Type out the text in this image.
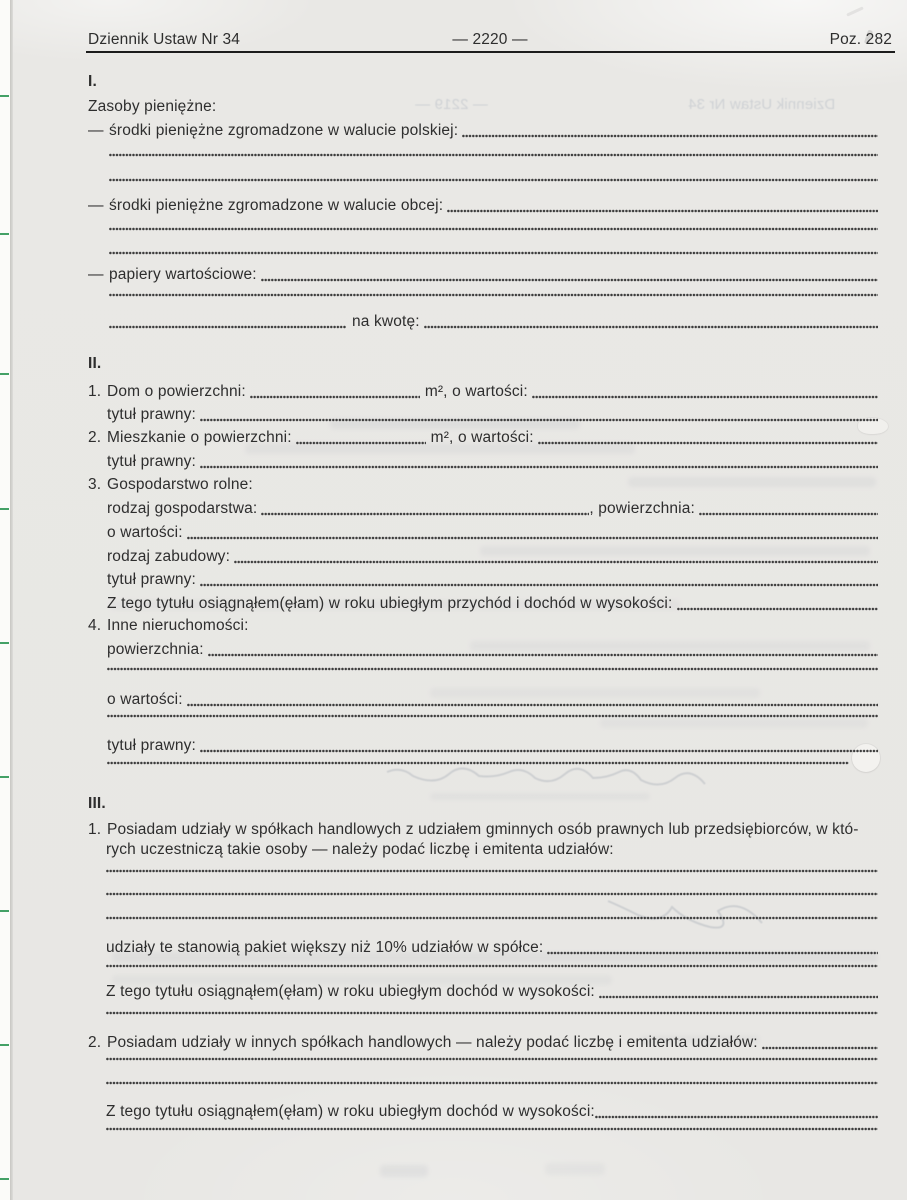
Dziennik Ustaw Nr 34
— 2219 —
Dziennik Ustaw Nr 34	— 2220 —	Poz. 282
I.
Zasoby pieniężne:
— środki pieniężne zgromadzone w walucie polskiej:
— środki pieniężne zgromadzone w walucie obcej:
— papiery wartościowe:
na kwotę:
II.
1. Dom o powierzchni:	m², o wartości:
tytuł prawny:
2. Mieszkanie o powierzchni:	m², o wartości:
tytuł prawny:
3. Gospodarstwo rolne:
rodzaj gospodarstwa:	, powierzchnia:
o wartości:
rodzaj zabudowy:
tytuł prawny:
Z tego tytułu osiągnąłem(ęłam) w roku ubiegłym przychód i dochód w wysokości:
4. Inne nieruchomości:
powierzchnia:
o wartości:
tytuł prawny:
III.
1. Posiadam udziały w spółkach handlowych z udziałem gminnych osób prawnych lub przedsiębiorców, w któ-
rych uczestniczą takie osoby — należy podać liczbę i emitenta udziałów:
udziały te stanowią pakiet większy niż 10% udziałów w spółce:
Z tego tytułu osiągnąłem(ęłam) w roku ubiegłym dochód w wysokości:
2. Posiadam udziały w innych spółkach handlowych — należy podać liczbę i emitenta udziałów:
Z tego tytułu osiągnąłem(ęłam) w roku ubiegłym dochód w wysokości:
